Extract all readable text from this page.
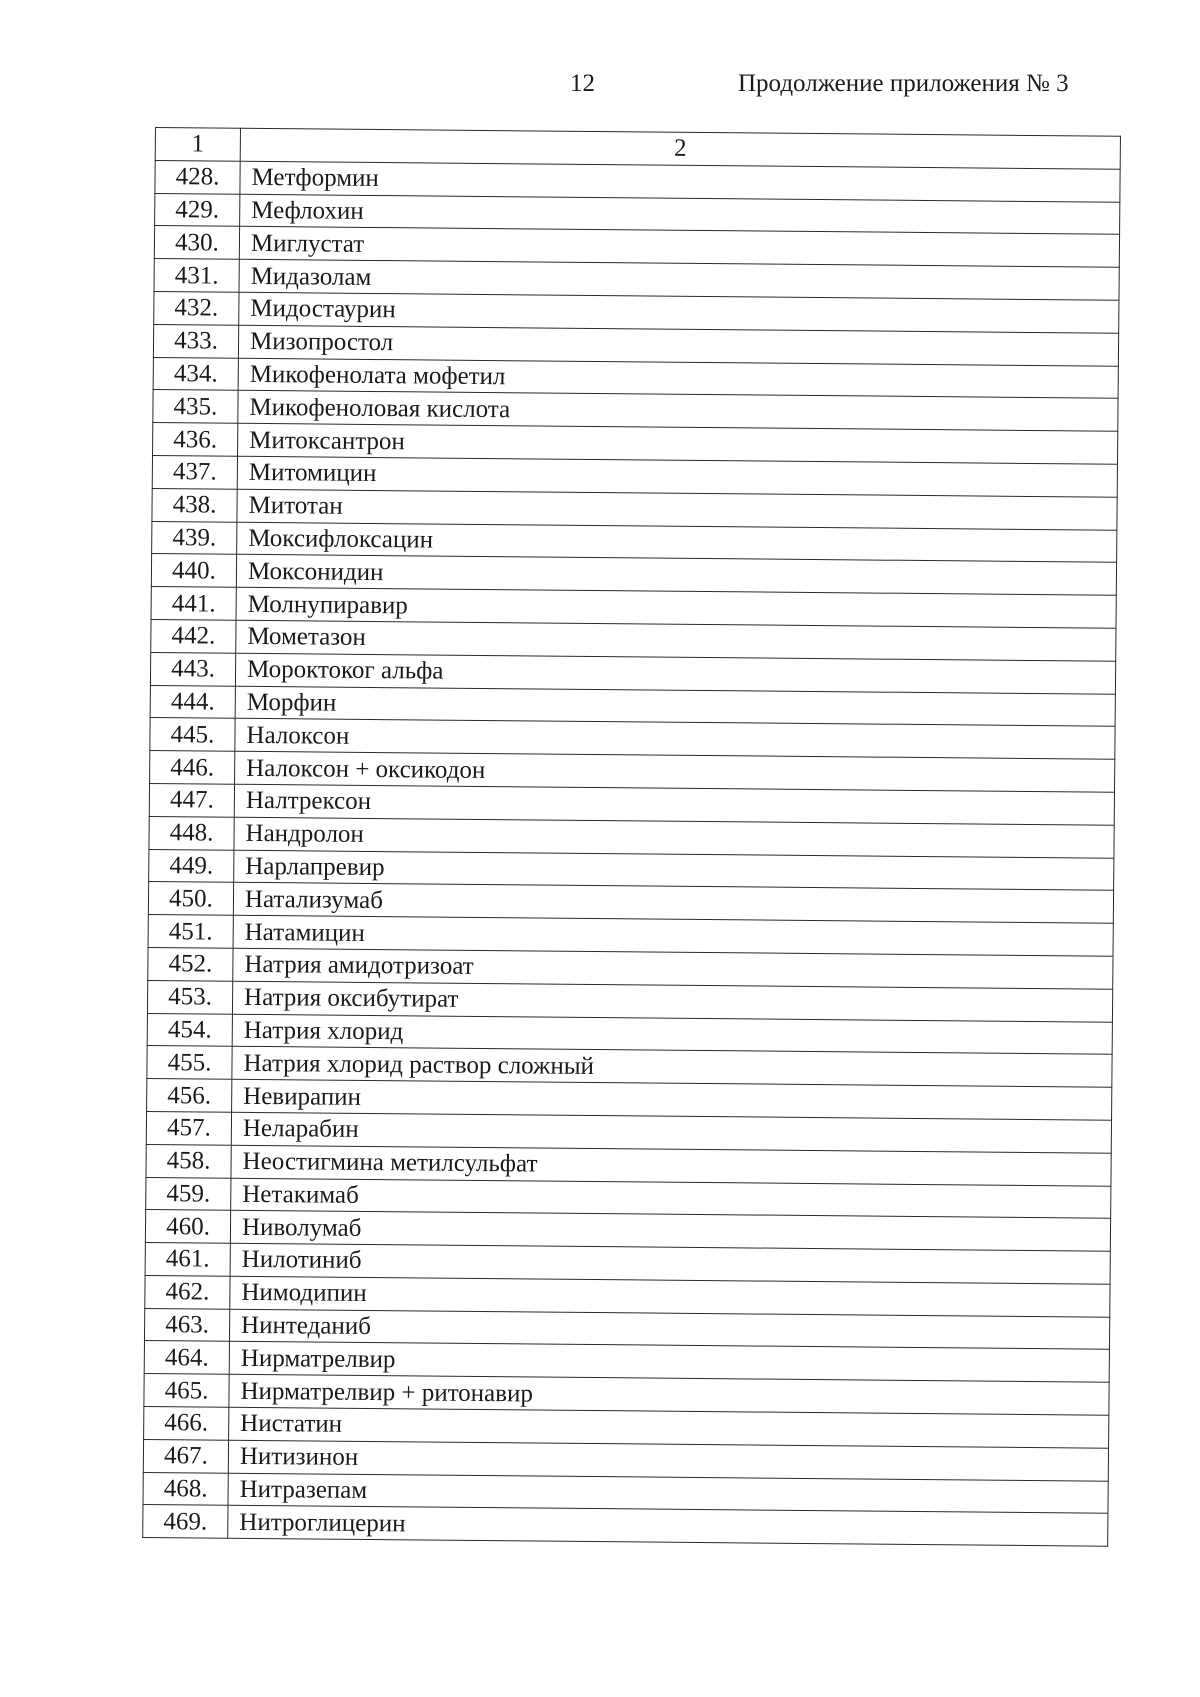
12	Продолжение приложения № 3
1	2
428.	Метформин
429.	Мефлохин
430.	Миглустат
431.	Мидазолам
432.	Мидостаурин
433.	Мизопростол
434.	Микофенолата мофетил
435.	Микофеноловая кислота
436.	Митоксантрон
437.	Митомицин
438.	Митотан
439.	Моксифлоксацин
440.	Моксонидин
441.	Молнупиравир
442.	Мометазон
443.	Мороктоког альфа
444.	Морфин
445.	Налоксон
446.	Налоксон + оксикодон
447.	Налтрексон
448.	Нандролон
449.	Нарлапревир
450.	Натализумаб
451.	Натамицин
452.	Натрия амидотризоат
453.	Натрия оксибутират
454.	Натрия хлорид
455.	Натрия хлорид раствор сложный
456.	Невирапин
457.	Неларабин
458.	Неостигмина метилсульфат
459.	Нетакимаб
460.	Ниволумаб
461.	Нилотиниб
462.	Нимодипин
463.	Нинтеданиб
464.	Нирматрелвир
465.	Нирматрелвир + ритонавир
466.	Нистатин
467.	Нитизинон
468.	Нитразепам
469.	Нитроглицерин
